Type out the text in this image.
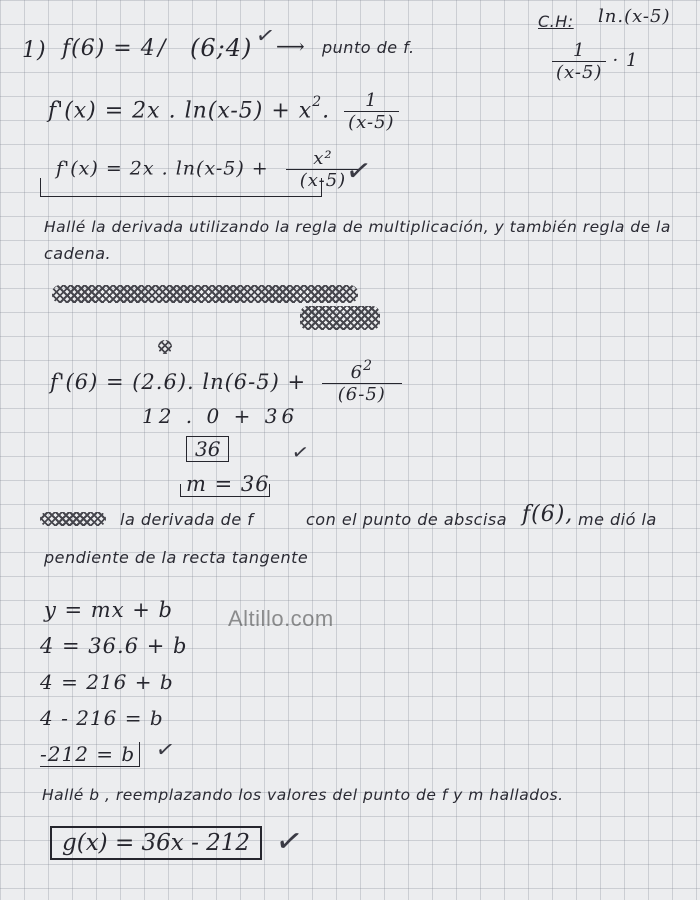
C.H: ln.(x-5)
$\frac{1}{(x-5)} \cdot 1$
1) f(6) = 4 / (6;4) ✓ ⟶ punto de f.
f'(x) = 2x . $\ln(x-5) + x^2$. $\frac{1}{(x-5)}$
f'(x) = 2x . $\ln(x-5) + \frac{\text{x²}}{(x-5)}$
✓
Hallé la derivada utilizando la regla de multiplicación, y también regla de la
cadena.
f'(6) = (2.6). $\ln(6-5) + \frac{6^2}{(6-5)}$
12 . 0 + 36
36	✓
m = 36
la derivada de f	con el punto de abscisa f(6), me dió la
pendiente de la recta tangente
y = mx + b
4 = 36.6 + b
4 = 216 + b
4 - 216 = b
-212 = b ✓
Altillo.com
Hallé b , reemplazando los valores del punto de f y m hallados.
g(x) = 36x - 212 ✓
